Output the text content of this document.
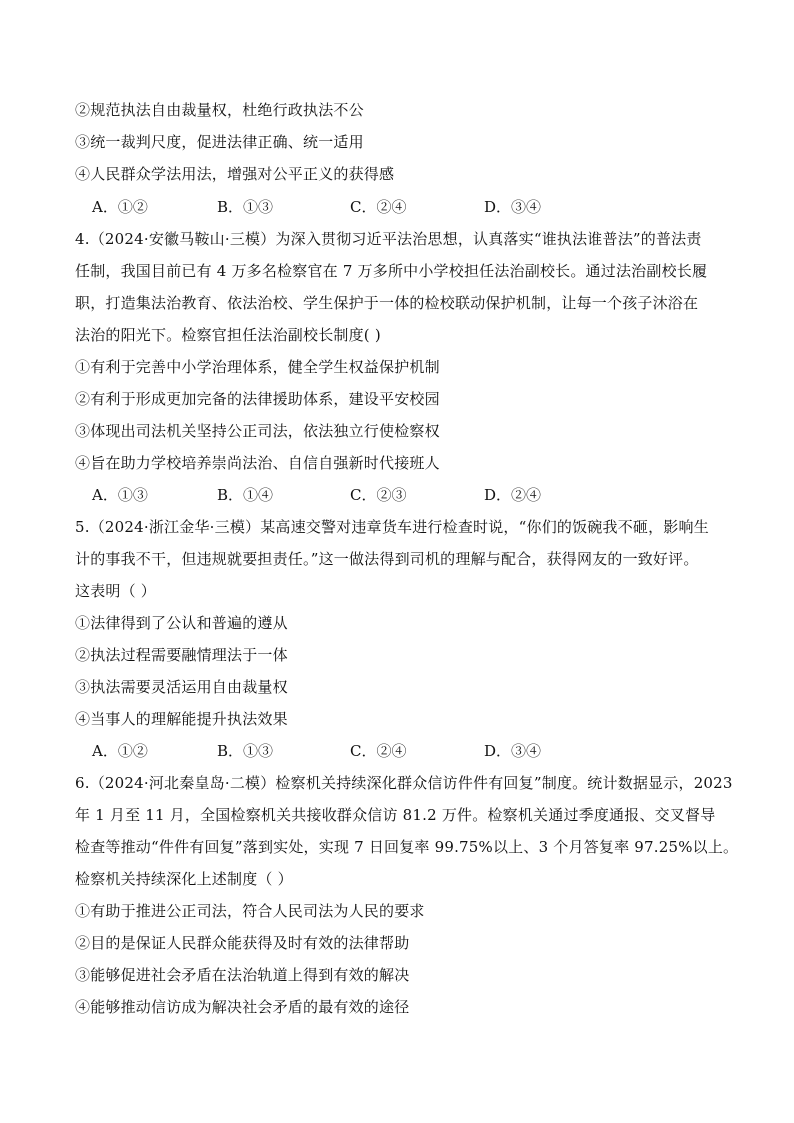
②规范执法自由裁量权，杜绝行政执法不公
③统一裁判尺度，促进法律正确、统一适用
④人民群众学法用法，增强对公平正义的获得感
A．①②	B．①③	C．②④	D．③④
4.（2024·安徽马鞍山·三模）为深入贯彻习近平法治思想，认真落实“谁执法谁普法”的普法责
任制，我国目前已有 4 万多名检察官在 7 万多所中小学校担任法治副校长。通过法治副校长履
职，打造集法治教育、依法治校、学生保护于一体的检校联动保护机制，让每一个孩子沐浴在
法治的阳光下。检察官担任法治副校长制度( )
①有利于完善中小学治理体系，健全学生权益保护机制
②有利于形成更加完备的法律援助体系，建设平安校园
③体现出司法机关坚持公正司法，依法独立行使检察权
④旨在助力学校培养崇尚法治、自信自强新时代接班人
A．①③	B．①④	C．②③	D．②④
5.（2024·浙江金华·三模）某高速交警对违章货车进行检查时说，“你们的饭碗我不砸，影响生
计的事我不干，但违规就要担责任。”这一做法得到司机的理解与配合，获得网友的一致好评。
这表明（ ）
①法律得到了公认和普遍的遵从
②执法过程需要融情理法于一体
③执法需要灵活运用自由裁量权
④当事人的理解能提升执法效果
A．①②	B．①③	C．②④	D．③④
6.（2024·河北秦皇岛·二模）检察机关持续深化群众信访件件有回复”制度。统计数据显示，2023
年 1 月至 11 月，全国检察机关共接收群众信访 81.2 万件。检察机关通过季度通报、交叉督导
检查等推动“件件有回复”落到实处，实现 7 日回复率 99.75%以上、3 个月答复率 97.25%以上。
检察机关持续深化上述制度（ ）
①有助于推进公正司法，符合人民司法为人民的要求
②目的是保证人民群众能获得及时有效的法律帮助
③能够促进社会矛盾在法治轨道上得到有效的解决
④能够推动信访成为解决社会矛盾的最有效的途径
